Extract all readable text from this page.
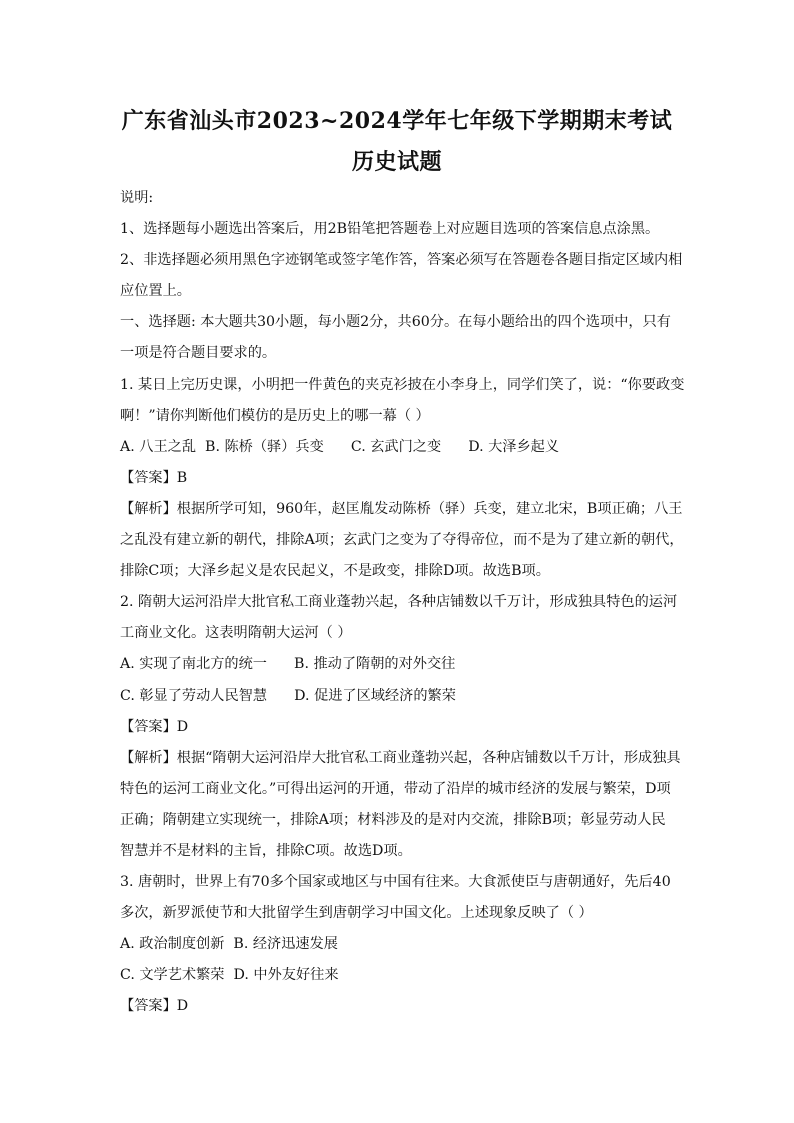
广东省汕头市2023~2024学年七年级下学期期末考试
历史试题
说明:
1、选择题每小题选出答案后，用2B铅笔把答题卷上对应题目选项的答案信息点涂黑。
2、非选择题必须用黑色字迹钢笔或签字笔作答，答案必须写在答题卷各题目指定区域内相
应位置上。
一、选择题: 本大题共30小题，每小题2分，共60分。在每小题给出的四个选项中，只有
一项是符合题目要求的。
1. 某日上完历史课，小明把一件黄色的夹克衫披在小李身上，同学们笑了，说：“你要政变
啊！”请你判断他们模仿的是历史上的哪一幕（ ）
A. 八王之乱  B. 陈桥（驿）兵变      C. 玄武门之变      D. 大泽乡起义
【答案】B
【解析】根据所学可知，960年，赵匡胤发动陈桥（驿）兵变，建立北宋，B项正确；八王
之乱没有建立新的朝代，排除A项；玄武门之变为了夺得帝位，而不是为了建立新的朝代，
排除C项；大泽乡起义是农民起义，不是政变，排除D项。故选B项。
2. 隋朝大运河沿岸大批官私工商业蓬勃兴起，各种店铺数以千万计，形成独具特色的运河
工商业文化。这表明隋朝大运河（ ）
A. 实现了南北方的统一      B. 推动了隋朝的对外交往
C. 彰显了劳动人民智慧      D. 促进了区域经济的繁荣
【答案】D
【解析】根据“隋朝大运河沿岸大批官私工商业蓬勃兴起，各种店铺数以千万计，形成独具
特色的运河工商业文化。”可得出运河的开通，带动了沿岸的城市经济的发展与繁荣，D项
正确；隋朝建立实现统一，排除A项；材料涉及的是对内交流，排除B项；彰显劳动人民
智慧并不是材料的主旨，排除C项。故选D项。
3. 唐朝时，世界上有70多个国家或地区与中国有往来。大食派使臣与唐朝通好，先后40
多次，新罗派使节和大批留学生到唐朝学习中国文化。上述现象反映了（ ）
A. 政治制度创新  B. 经济迅速发展
C. 文学艺术繁荣  D. 中外友好往来
【答案】D
